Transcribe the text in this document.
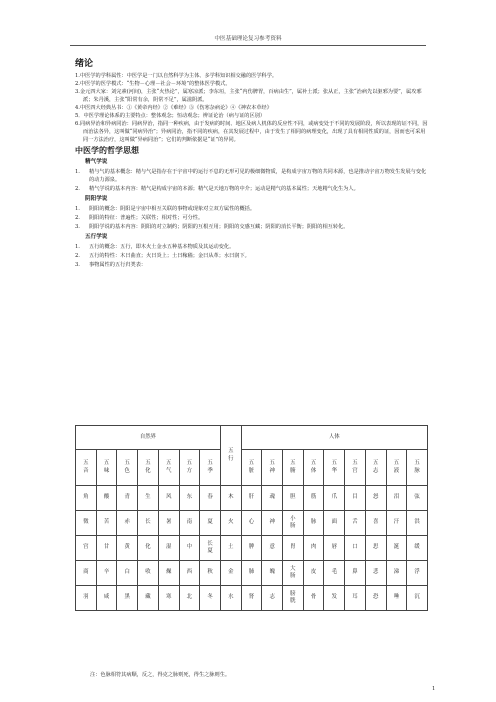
中医基础理论复习参考资料
绪论

1.中医学的学科属性：中医学是一门以自然科学为主体、多学科知识相交融的医学科学。

2.中医学的医学模式：“生物－心理－社会－环境”的整体医学模式。

3.金元四大家：刘完素(河间)，主张“火热论”，属寒凉派；李东垣，主张“内伤脾胃，百病由生”，属补土派；张从正，主张“治病先以驱邪为要”，属攻邪派；朱丹溪，主张“阳常有余，阴常不足”，属滋阴派。

4.中医四大经典丛书：①《黄帝内经》②《难经》③《伤寒杂病论》④《神农本草经》

5．中医学理论体系的主要特点：整体观念；恒动观念；辨证论治（病与证的区别）

6.同病异治和异病同治：同病异治，指同一种疾病，由于发病的时间、地区及病人机体的反应性不同，或病变处于不同的发展阶段，所以表现的证不同，因而治法各异，这叫做“同病异治”；异病同治，指不同的疾病，在其发展过程中，由于发生了相同的病理变化，出现了具有相同性质的证，因而也可采用同一方法治疗，这叫做“异病同治”；它们的判断依据是“证”的异同。

中医学的哲学思想
精气学说
1.	精与气的基本概念：精与气是指存在于宇宙中的运行不息的无形可见的极细微物质，是构成宇宙万物的共同本源，也是推动宇宙万物发生发展与变化的动力源泉。
2.	精气学说的基本内容：精气是构成宇宙的本源；精气是天地万物的中介；运动是精气的基本属性；天地精气化生为人。
阴阳学说
1.	阴阳的概念：阴阳是宇宙中相互关联的事物或现象对立双方属性的概括。
2.	阴阳的特征：普遍性；关联性；相对性；可分性。
3.	阴阳学说的基本内容：阴阳的对立制约；阴阳的互根互用；阴阳的交感互藏；阴阳的消长平衡；阴阳的相互转化。
五行学说
1.	五行的概念：五行，即木火土金水五种基本物质及其运动变化。
2.	五行的特性：木曰曲直；火曰炎上；土曰稼穑；金曰从革；水曰润下。
3.	事物属性的五行归类表：
自然界							五行	人体								
五音	五味	五色	五化	五气	五方	五季		五脏	五神	五腑	五体	五华	五官	五志	五液	五脉
角	酸	青	生	风	东	春	木	肝	魂	胆	筋	爪	目	怒	泪	弦
徵	苦	赤	长	暑	南	夏	火	心	神	小肠	脉	面	舌	喜	汗	洪
宫	甘	黄	化	湿	中	长夏	土	脾	意	胃	肉	唇	口	思	涎	缓
商	辛	白	收	燥	西	秋	金	肺	魄	大肠	皮	毛	鼻	悲	涕	浮
羽	咸	黑	藏	寒	北	冬	水	肾	志	膀胱	骨	发	耳	恐	唾	沉
注：色脉相符其病顺，反之，得克之脉则死，得生之脉则生。
1
